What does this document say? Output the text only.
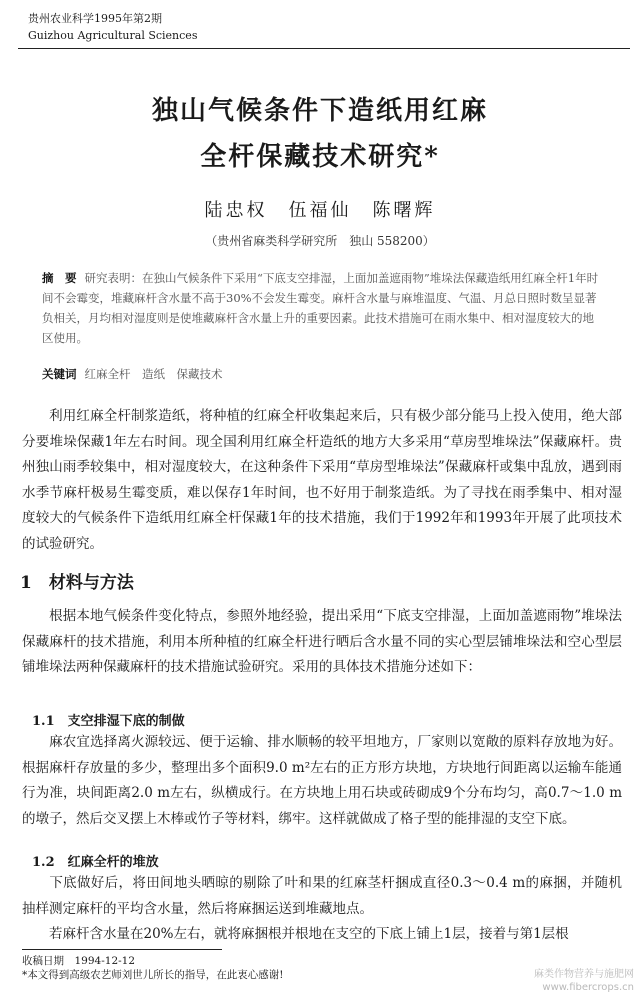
贵州农业科学1995年第2期
Guizhou Agricultural Sciences
独山气候条件下造纸用红麻
全杆保藏技术研究*
陆忠权　伍福仙　陈曙辉
（贵州省麻类科学研究所　独山 558200）
摘　要 研究表明：在独山气候条件下采用“下底支空排湿，上面加盖遮雨物”堆垛法保藏造纸用红麻全杆1年时间不会霉变，堆藏麻杆含水量不高于30%不会发生霉变。麻杆含水量与麻堆温度、气温、月总日照时数呈显著负相关，月均相对湿度则是使堆藏麻杆含水量上升的重要因素。此技术措施可在雨水集中、相对湿度较大的地区使用。
关键词 红麻全杆　造纸　保藏技术
利用红麻全杆制浆造纸，将种植的红麻全杆收集起来后，只有极少部分能马上投入使用，绝大部分要堆垛保藏1年左右时间。现全国利用红麻全杆造纸的地方大多采用“草房型堆垛法”保藏麻杆。贵州独山雨季较集中，相对湿度较大，在这种条件下采用“草房型堆垛法”保藏麻杆或集中乱放，遇到雨水季节麻杆极易生霉变质，难以保存1年时间，也不好用于制浆造纸。为了寻找在雨季集中、相对湿度较大的气候条件下造纸用红麻全杆保藏1年的技术措施，我们于1992年和1993年开展了此项技术的试验研究。
1　材料与方法
根据本地气候条件变化特点，参照外地经验，提出采用“下底支空排湿，上面加盖遮雨物”堆垛法保藏麻杆的技术措施，利用本所种植的红麻全杆进行晒后含水量不同的实心型层铺堆垛法和空心型层铺堆垛法两种保藏麻杆的技术措施试验研究。采用的具体技术措施分述如下：
1.1　支空排湿下底的制做
麻农宜选择离火源较远、便于运输、排水顺畅的较平坦地方，厂家则以宽敞的原料存放地为好。根据麻杆存放量的多少，整理出多个面积9.0 m²左右的正方形方块地，方块地行间距离以运输车能通行为准，块间距离2.0 m左右，纵横成行。在方块地上用石块或砖砌成9个分布均匀，高0.7～1.0 m的墩子，然后交叉摆上木棒或竹子等材料，绑牢。这样就做成了格子型的能排湿的支空下底。
1.2　红麻全杆的堆放
下底做好后，将田间地头晒晾的剔除了叶和果的红麻茎杆捆成直径0.3～0.4 m的麻捆，并随机抽样测定麻杆的平均含水量，然后将麻捆运送到堆藏地点。
若麻杆含水量在20%左右，就将麻捆根并根地在支空的下底上铺上1层，接着与第1层根
收稿日期　1994-12-12
*本文得到高级农艺师刘世儿所长的指导，在此衷心感谢!	麻类作物营养与施肥网
www.fibercrops.cn
